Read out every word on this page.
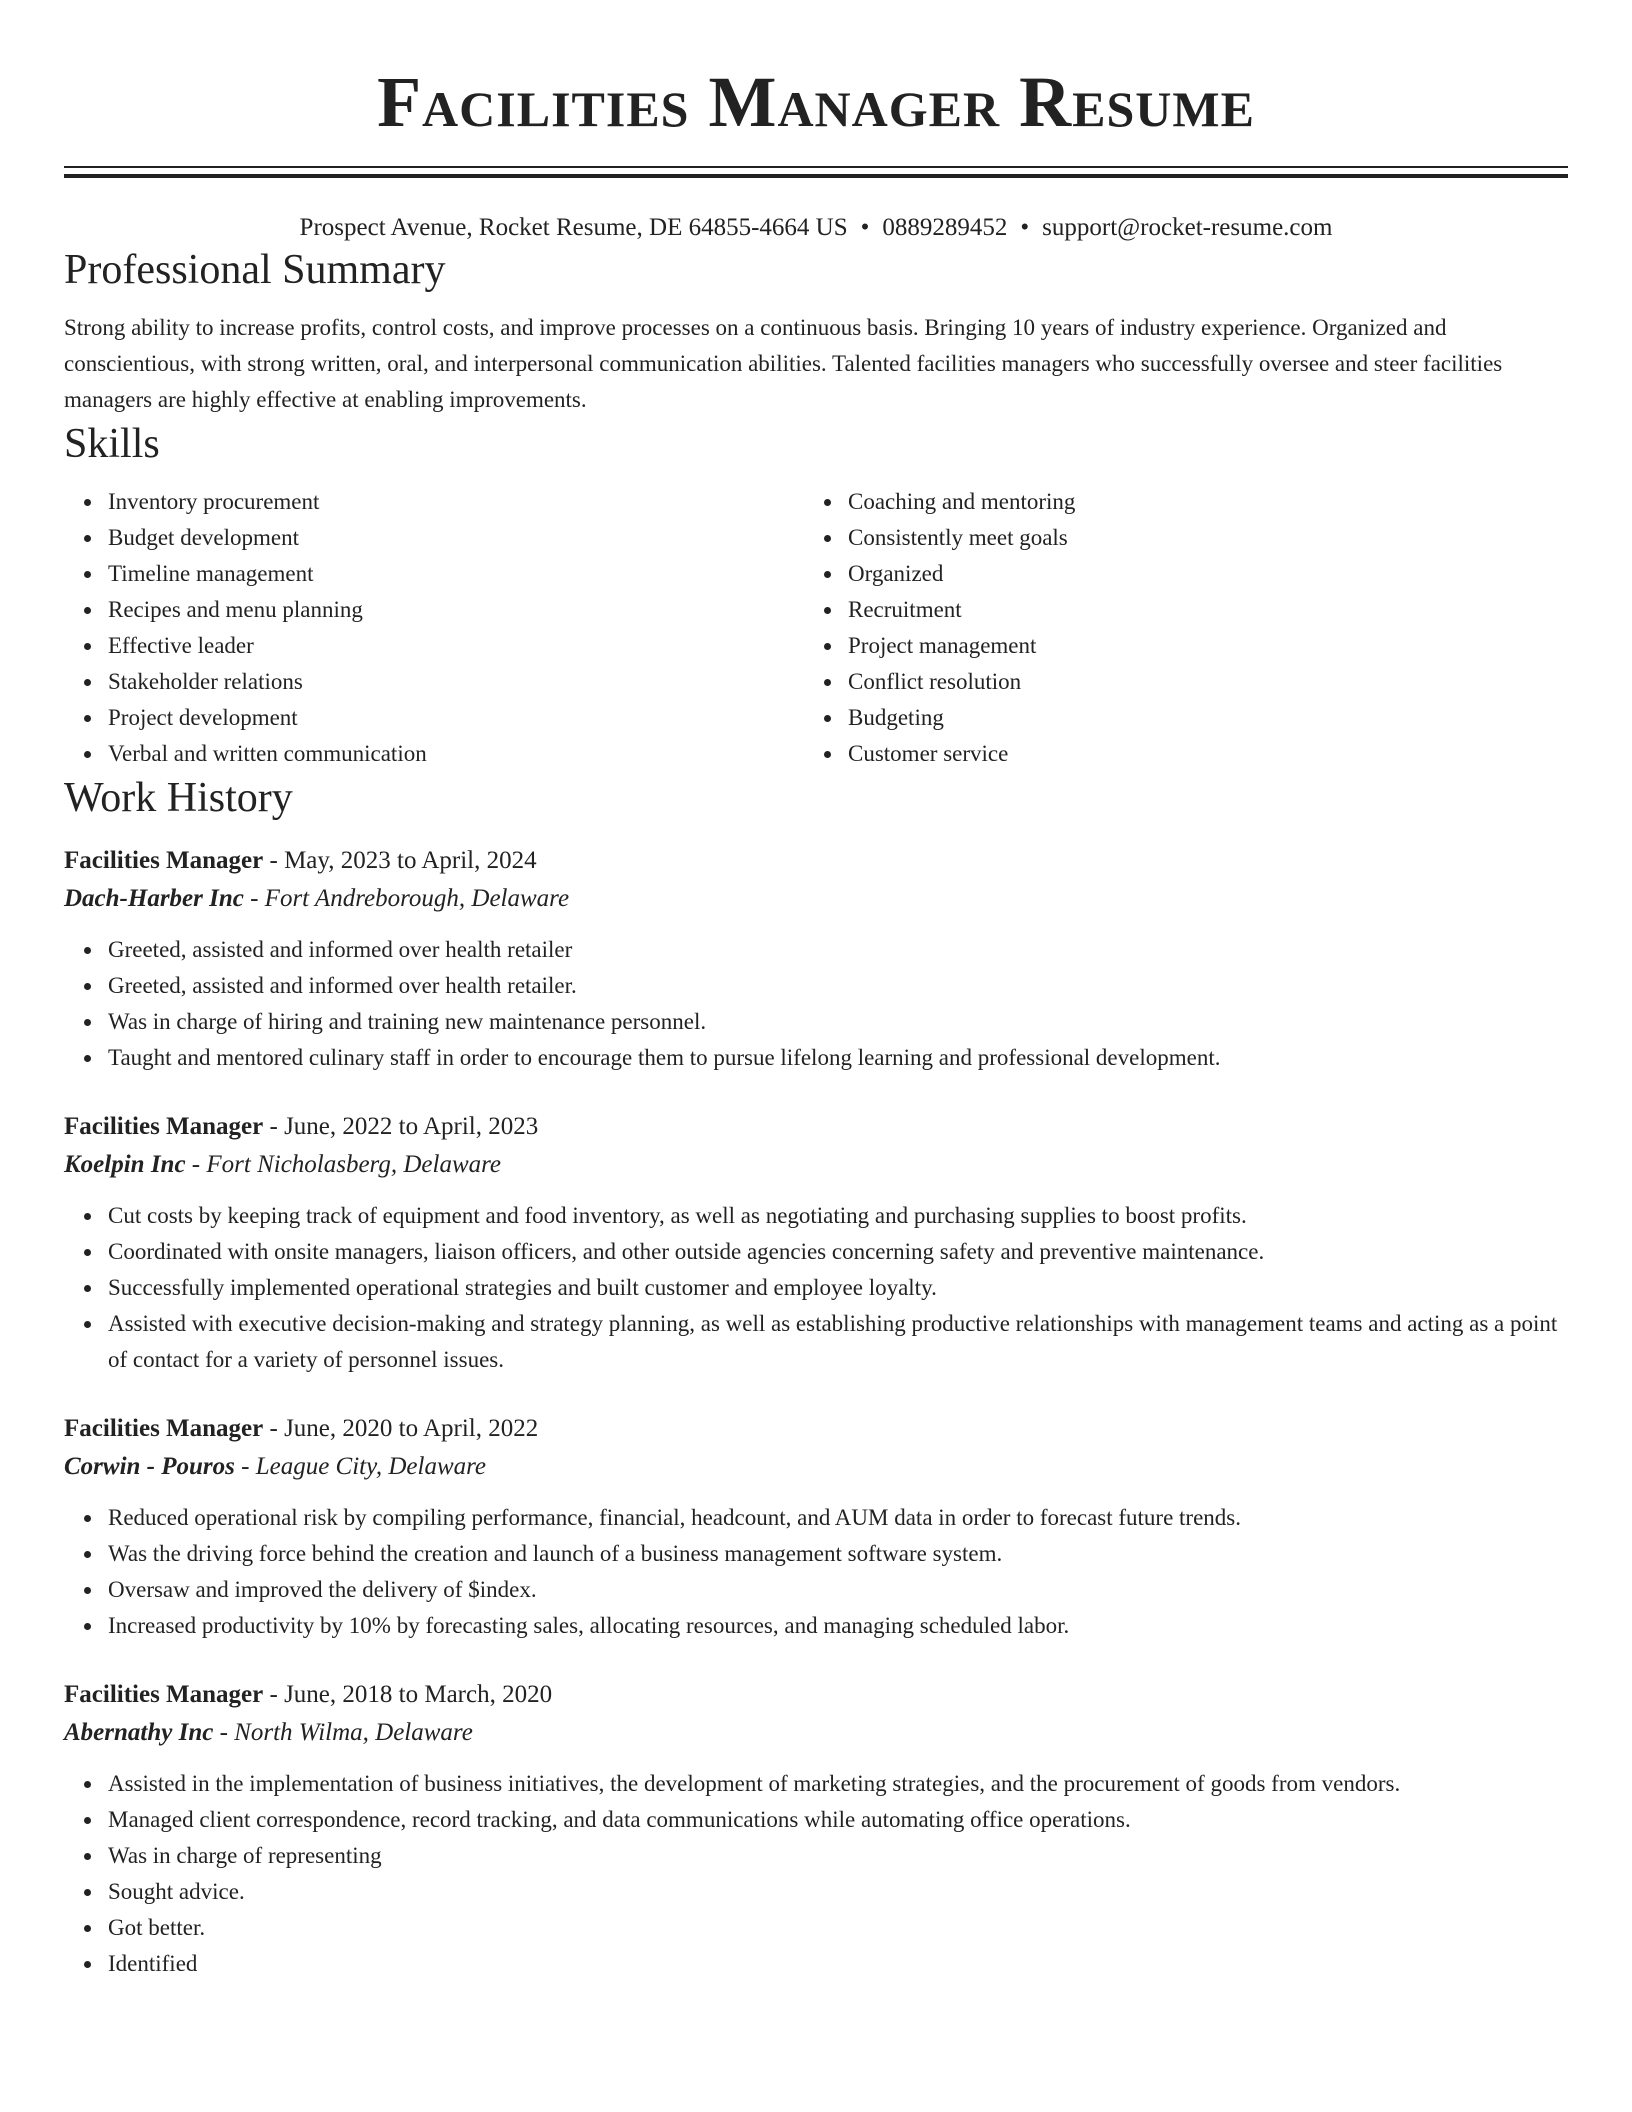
Facilities Manager Resume
Prospect Avenue, Rocket Resume, DE 64855-4664 US • 0889289452 • support@rocket-resume.com
Professional Summary

Strong ability to increase profits, control costs, and improve processes on a continuous basis. Bringing 10 years of industry experience. Organized and conscientious, with strong written, oral, and interpersonal communication abilities. Talented facilities managers who successfully oversee and steer facilities managers are highly effective at enabling improvements.

Skills
Inventory procurement
Budget development
Timeline management
Recipes and menu planning
Effective leader
Stakeholder relations
Project development
Verbal and written communication
Coaching and mentoring
Consistently meet goals
Organized
Recruitment
Project management
Conflict resolution
Budgeting
Customer service
Work History
Facilities Manager - May, 2023 to April, 2024
Dach-Harber Inc - Fort Andreborough, Delaware
Greeted, assisted and informed over health retailer
Greeted, assisted and informed over health retailer.
Was in charge of hiring and training new maintenance personnel.
Taught and mentored culinary staff in order to encourage them to pursue lifelong learning and professional development.
Facilities Manager - June, 2022 to April, 2023
Koelpin Inc - Fort Nicholasberg, Delaware
Cut costs by keeping track of equipment and food inventory, as well as negotiating and purchasing supplies to boost profits.
Coordinated with onsite managers, liaison officers, and other outside agencies concerning safety and preventive maintenance.
Successfully implemented operational strategies and built customer and employee loyalty.
Assisted with executive decision-making and strategy planning, as well as establishing productive relationships with management teams and acting as a point of contact for a variety of personnel issues.
Facilities Manager - June, 2020 to April, 2022
Corwin - Pouros - League City, Delaware
Reduced operational risk by compiling performance, financial, headcount, and AUM data in order to forecast future trends.
Was the driving force behind the creation and launch of a business management software system.
Oversaw and improved the delivery of $index.
Increased productivity by 10% by forecasting sales, allocating resources, and managing scheduled labor.
Facilities Manager - June, 2018 to March, 2020
Abernathy Inc - North Wilma, Delaware
Assisted in the implementation of business initiatives, the development of marketing strategies, and the procurement of goods from vendors.
Managed client correspondence, record tracking, and data communications while automating office operations.
Was in charge of representing
Sought advice.
Got better.
Identified
